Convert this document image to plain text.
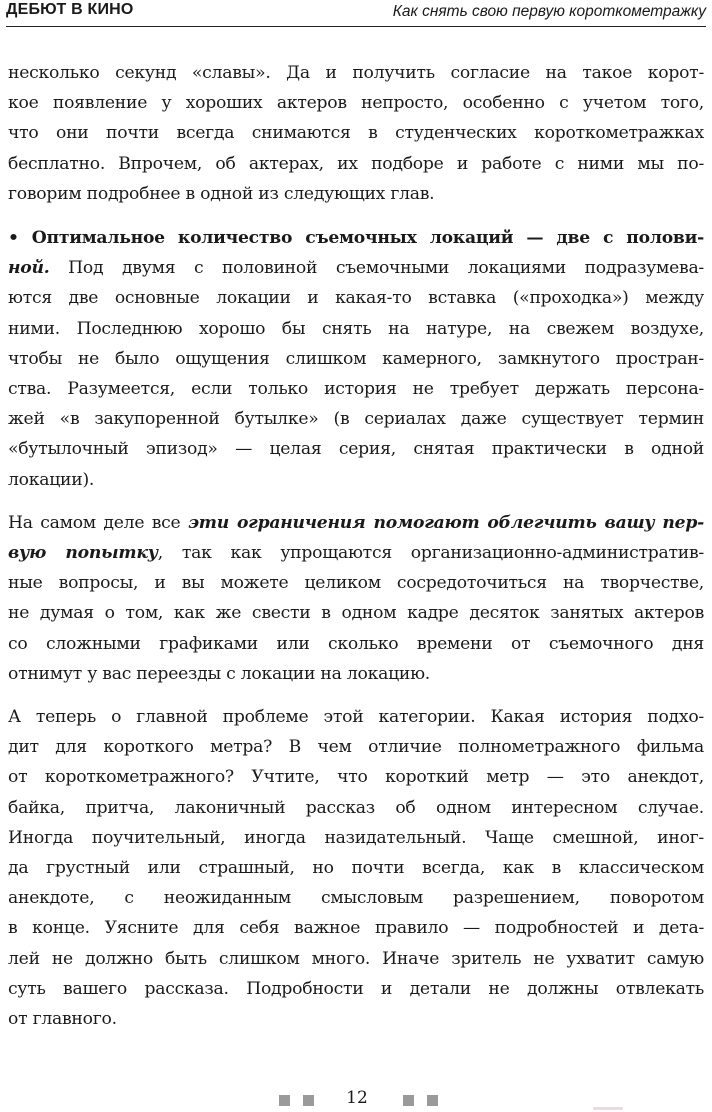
ДЕБЮТ В КИНО	Как снять свою первую короткометражку
несколько секунд «славы». Да и получить согласие на такое корот-
кое появление у хороших актеров непросто, особенно с учетом того,
что они почти всегда снимаются в студенческих короткометражках
бесплатно. Впрочем, об актерах, их подборе и работе с ними мы по-
говорим подробнее в одной из следующих глав.
• Оптимальное количество съемочных локаций — две с полови-
ной. Под двумя с половиной съемочными локациями подразумева-
ются две основные локации и какая-то вставка («проходка») между
ними. Последнюю хорошо бы снять на натуре, на свежем воздухе,
чтобы не было ощущения слишком камерного, замкнутого простран-
ства. Разумеется, если только история не требует держать персона-
жей «в закупоренной бутылке» (в сериалах даже существует термин
«бутылочный эпизод» — целая серия, снятая практически в одной
локации).
На самом деле все эти ограничения помогают облегчить вашу пер-
вую попытку, так как упрощаются организационно-административ-
ные вопросы, и вы можете целиком сосредоточиться на творчестве,
не думая о том, как же свести в одном кадре десяток занятых актеров
со сложными графиками или сколько времени от съемочного дня
отнимут у вас переезды с локации на локацию.
А теперь о главной проблеме этой категории. Какая история подхо-
дит для короткого метра? В чем отличие полнометражного фильма
от короткометражного? Учтите, что короткий метр — это анекдот,
байка, притча, лаконичный рассказ об одном интересном случае.
Иногда поучительный, иногда назидательный. Чаще смешной, иног-
да грустный или страшный, но почти всегда, как в классическом
анекдоте, с неожиданным смысловым разрешением, поворотом
в конце. Уясните для себя важное правило — подробностей и дета-
лей не должно быть слишком много. Иначе зритель не ухватит самую
суть вашего рассказа. Подробности и детали не должны отвлекать
от главного.
12
